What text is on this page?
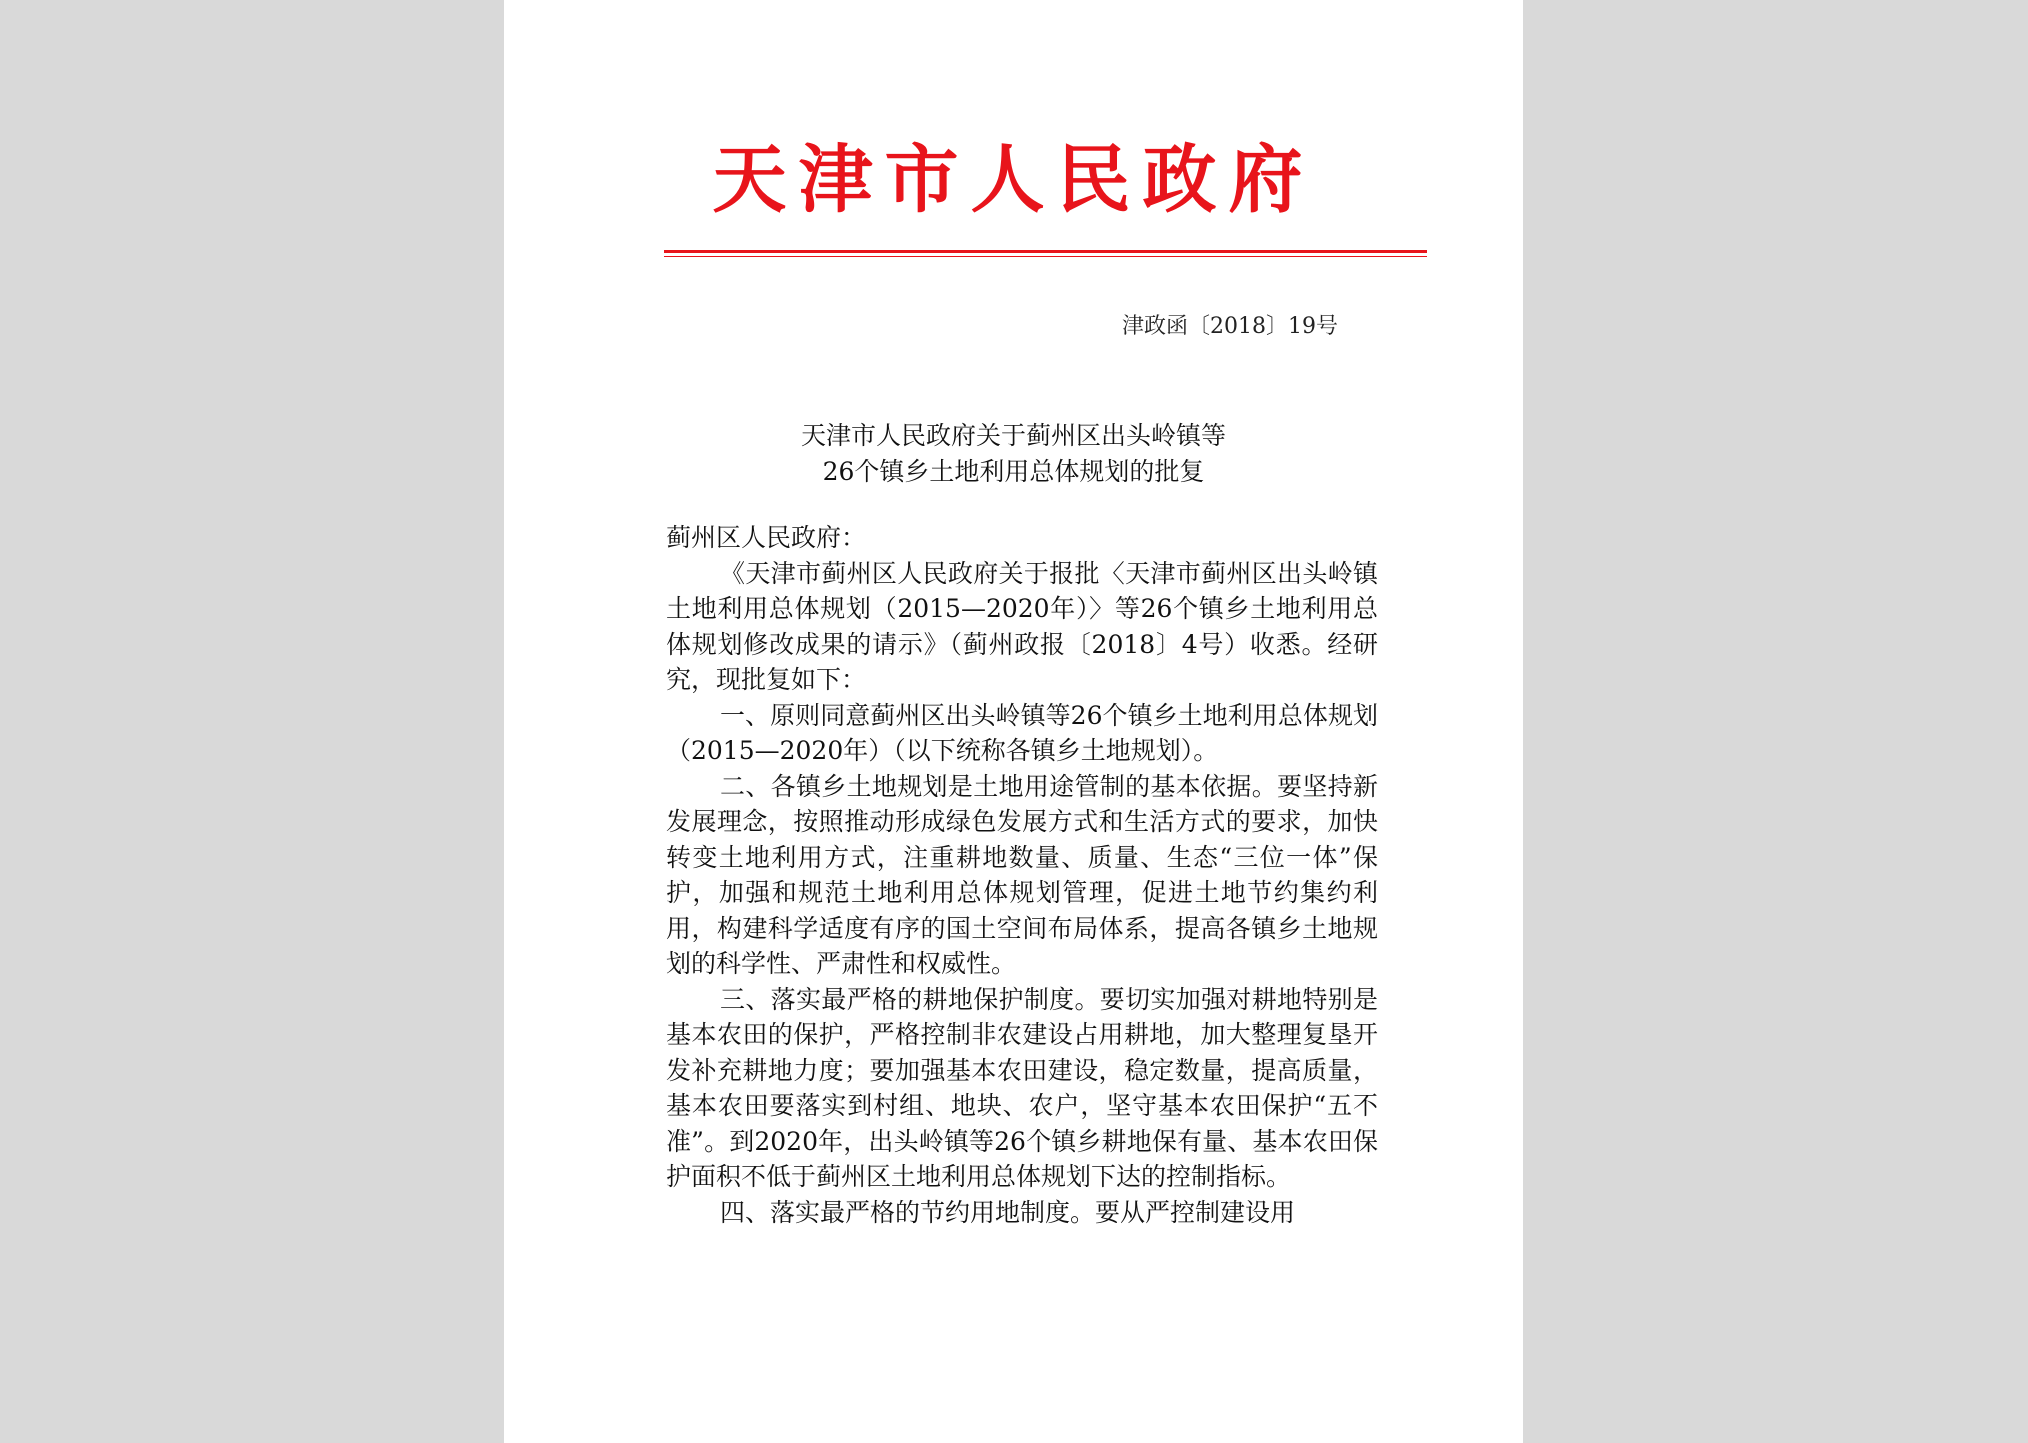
天津市人民政府
津政函〔2018〕19号
天津市人民政府关于蓟州区出头岭镇等
26个镇乡土地利用总体规划的批复

蓟州区人民政府：

《天津市蓟州区人民政府关于报批〈天津市蓟州区出头岭镇土地利用总体规划（2015—2020年）〉等26个镇乡土地利用总体规划修改成果的请示》（蓟州政报〔2018〕4号）收悉。经研究，现批复如下：

一、原则同意蓟州区出头岭镇等26个镇乡土地利用总体规划（2015—2020年）（以下统称各镇乡土地规划）。

二、各镇乡土地规划是土地用途管制的基本依据。要坚持新发展理念，按照推动形成绿色发展方式和生活方式的要求，加快转变土地利用方式，注重耕地数量、质量、生态“三位一体”保护，加强和规范土地利用总体规划管理，促进土地节约集约利用，构建科学适度有序的国土空间布局体系，提高各镇乡土地规划的科学性、严肃性和权威性。

三、落实最严格的耕地保护制度。要切实加强对耕地特别是基本农田的保护，严格控制非农建设占用耕地，加大整理复垦开发补充耕地力度；要加强基本农田建设，稳定数量，提高质量，基本农田要落实到村组、地块、农户，坚守基本农田保护“五不准”。到2020年，出头岭镇等26个镇乡耕地保有量、基本农田保护面积不低于蓟州区土地利用总体规划下达的控制指标。

四、落实最严格的节约用地制度。要从严控制建设用
